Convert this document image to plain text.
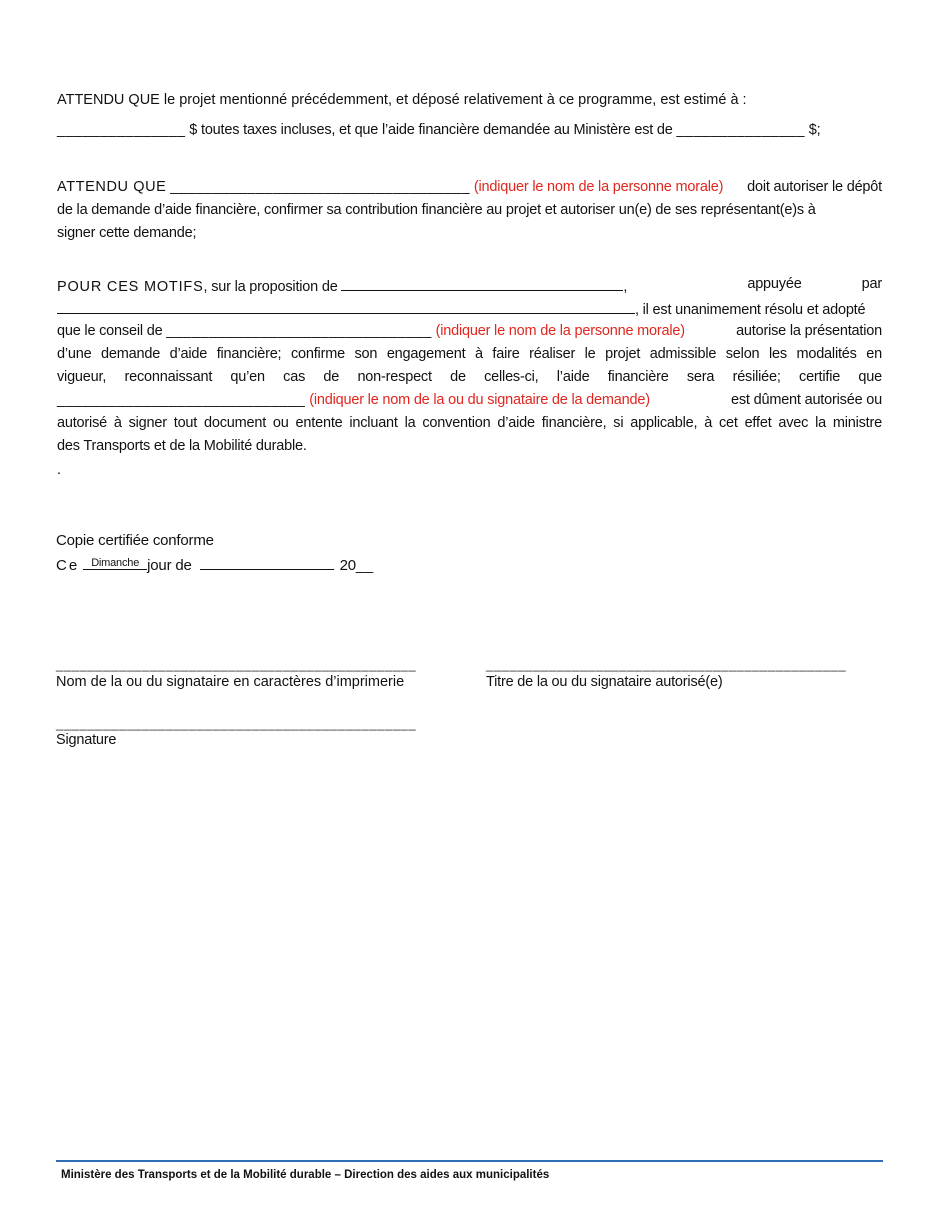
ATTENDU QUE le projet mentionné précédemment, et déposé relativement à ce programme, est estimé à :
_______________ $ toutes taxes incluses, et que l’aide financière demandée au Ministère est de _______________ $;
ATTENDU QUE ___________________________________ (indiquer le nom de la personne morale) doit autoriser le dépôt
de la demande d’aide financière, confirmer sa contribution financière au projet et autoriser un(e) de ses représentant(e)s à
signer cette demande;
POUR CES MOTIFS, sur la proposition de	,	appuyée	par
, il est unanimement résolu et adopté
que le conseil de _______________________________ (indiquer le nom de la personne morale)	autorise la présentation
d’une demande d’aide financière; confirme son engagement à faire réaliser le projet admissible selon les modalités en
vigueur, reconnaissant qu’en cas de non-respect de celles-ci, l’aide financière sera résiliée; certifie que
_____________________________ (indiquer le nom de la ou du signataire de la demande)	est dûment autorisée ou
autorisé à signer tout document ou entente incluant la convention d’aide financière, si applicable, à cet effet avec la ministre
des Transports et de la Mobilité durable.
.
Copie certifiée conforme
Ce Dimanche jour de	20__
______________________________________________	______________________________________________
Nom de la ou du signataire en caractères d’imprimerie	Titre de la ou du signataire autorisé(e)
______________________________________________
Signature
Ministère des Transports et de la Mobilité durable – Direction des aides aux municipalités
